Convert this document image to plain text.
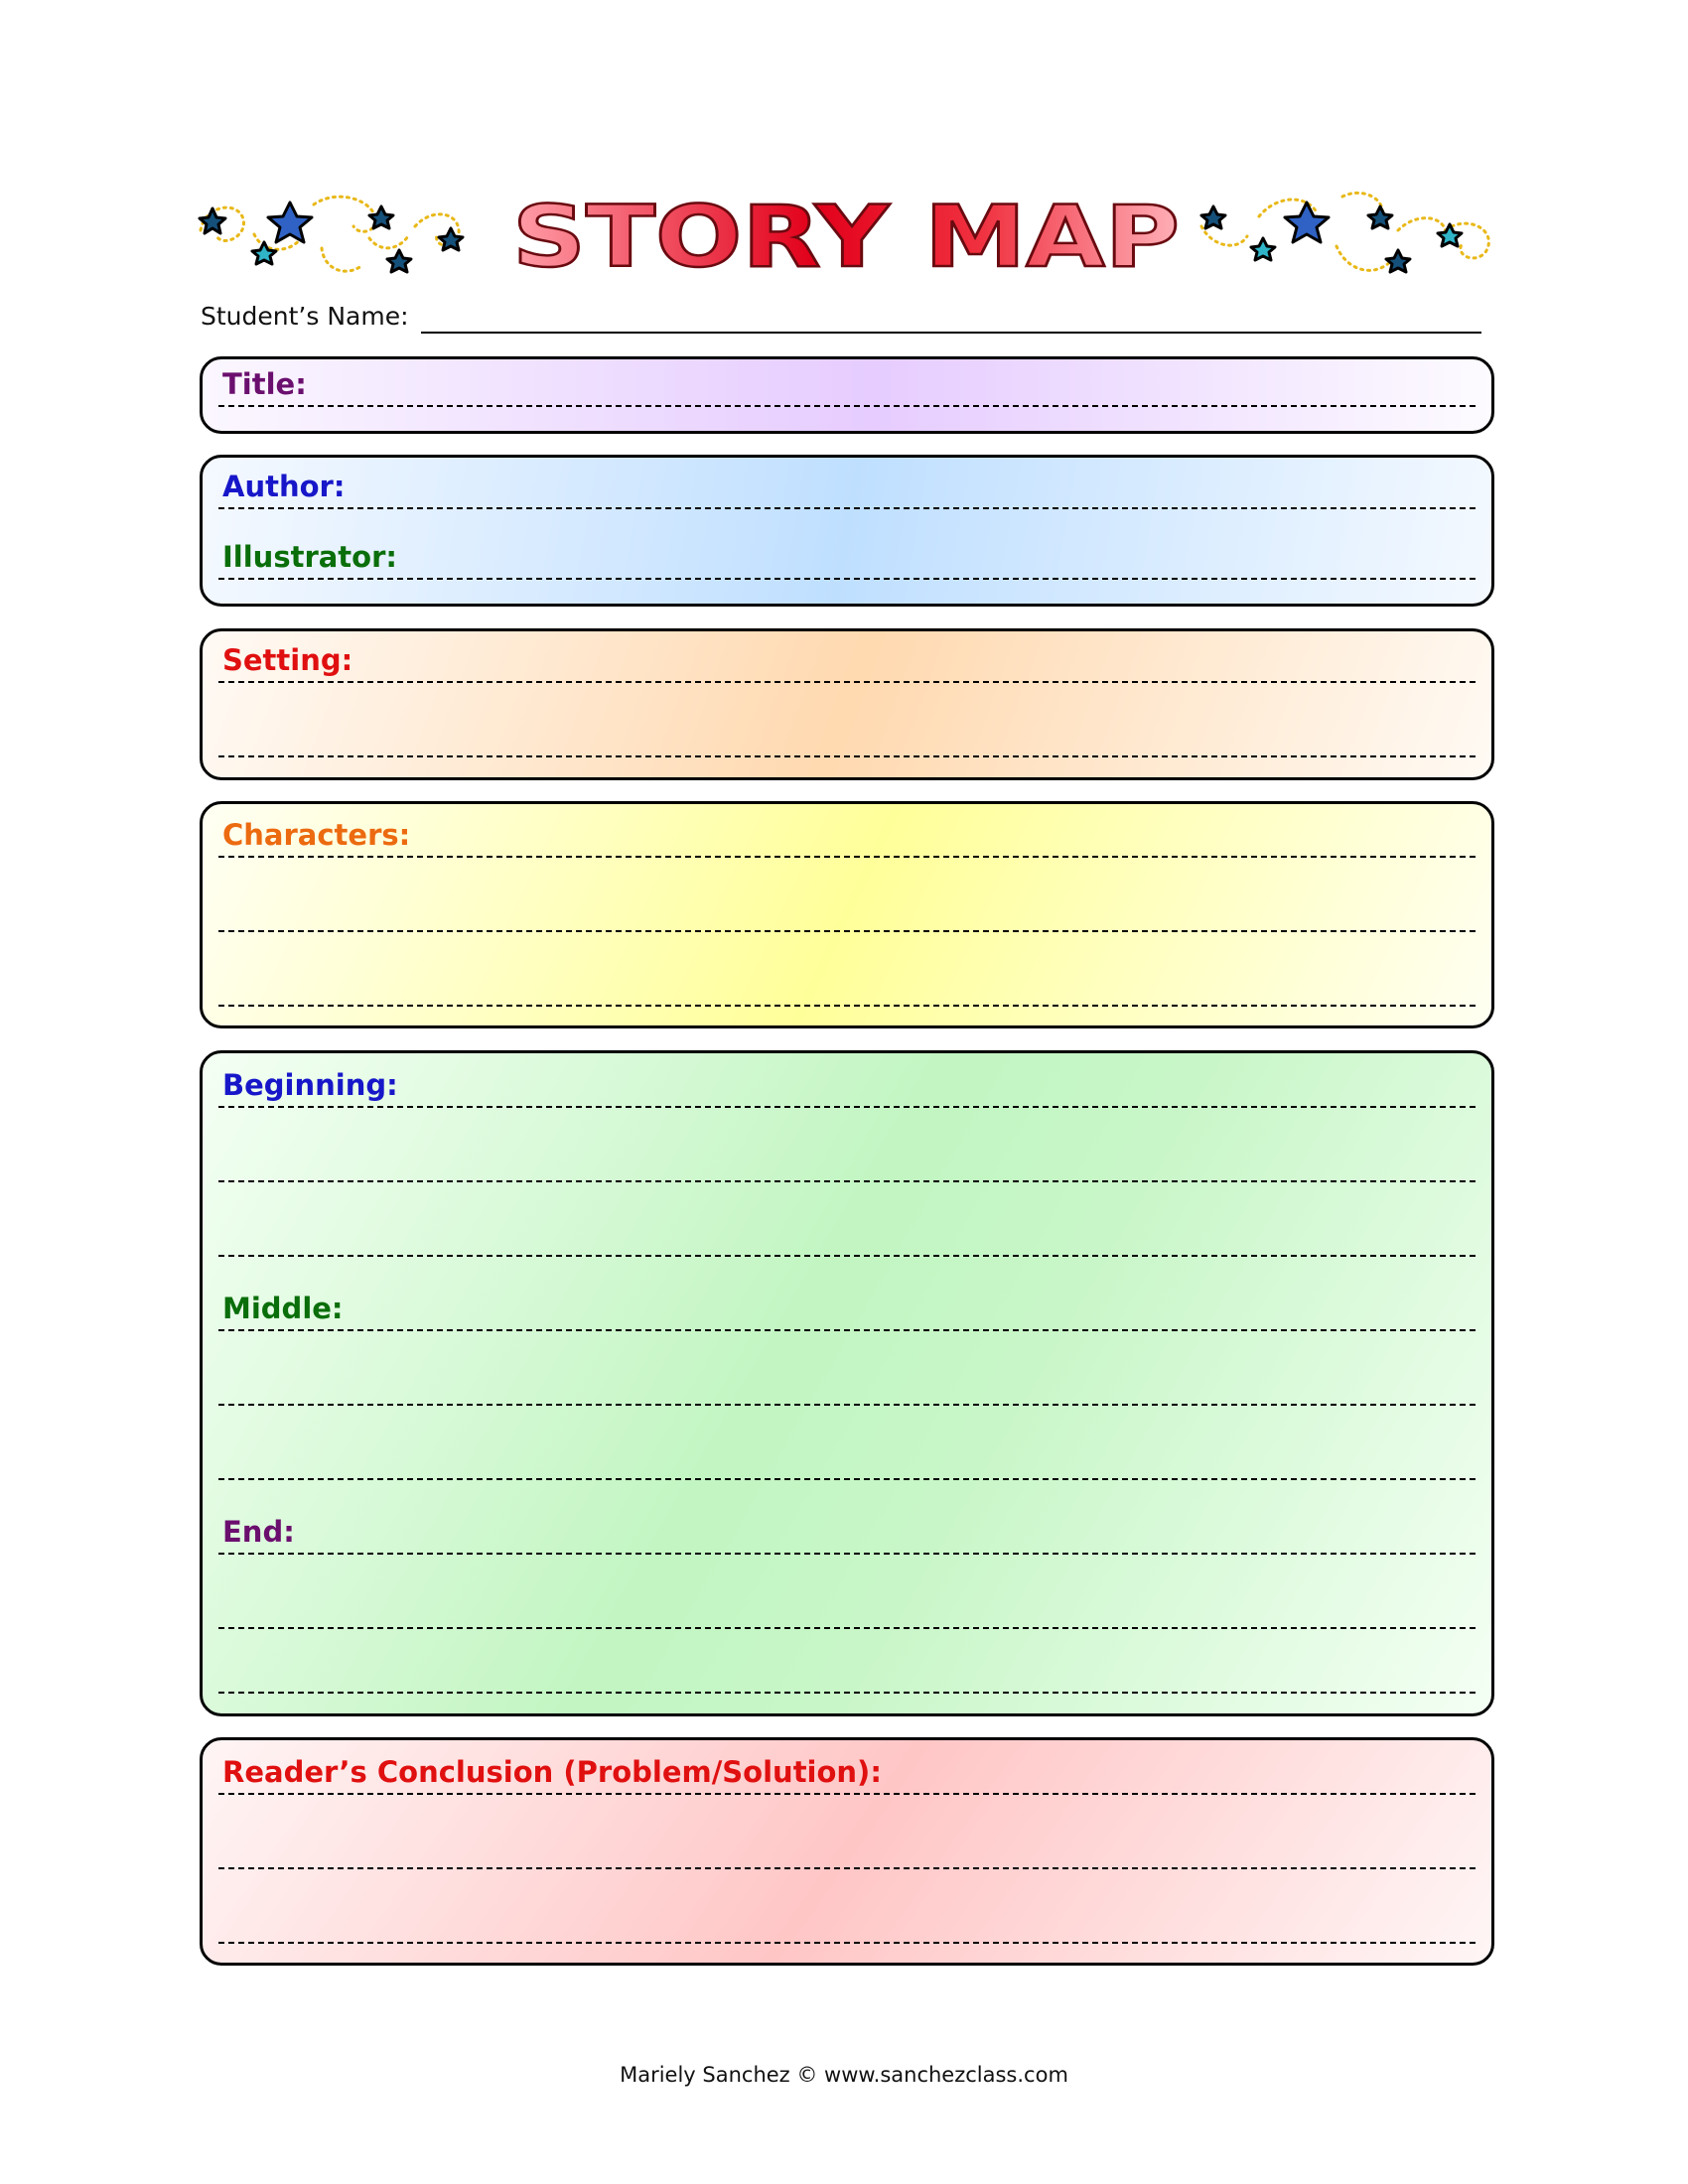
STORY MAP
Student’s Name:
Title:
Author:
Illustrator:
Setting:
Characters:
Beginning:
Middle:
End:
Reader’s Conclusion (Problem/Solution):
Mariely Sanchez © www.sanchezclass.com
